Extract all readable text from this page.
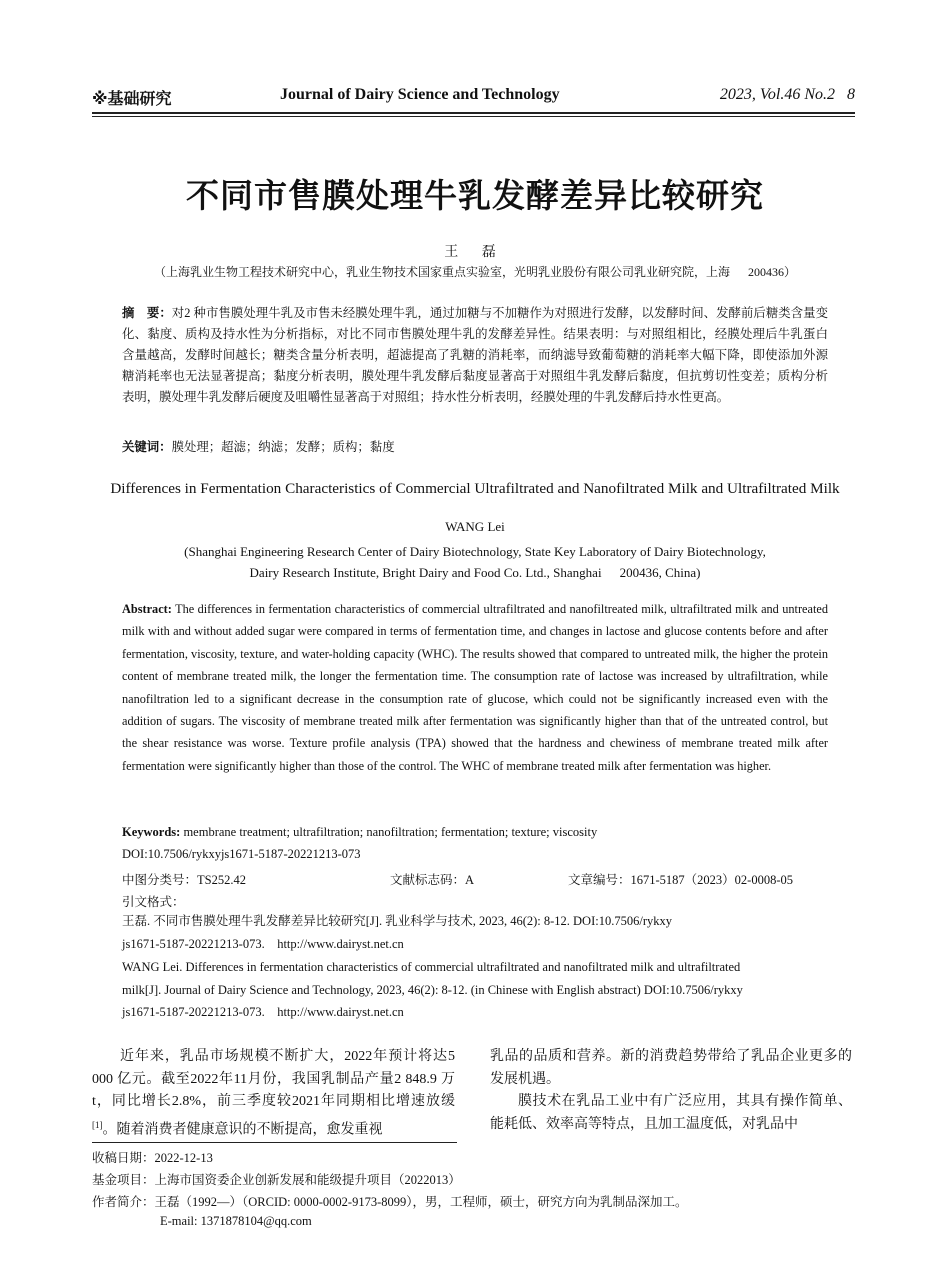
※基础研究	Journal of Dairy Science and Technology	2023, Vol.46 No.2 8
不同市售膜处理牛乳发酵差异比较研究
王 磊
（上海乳业生物工程技术研究中心，乳业生物技术国家重点实验室，光明乳业股份有限公司乳业研究院，上海 200436）
摘　要：对2 种市售膜处理牛乳及市售未经膜处理牛乳，通过加糖与不加糖作为对照进行发酵，以发酵时间、发酵前后糖类含量变化、黏度、质构及持水性为分析指标，对比不同市售膜处理牛乳的发酵差异性。结果表明：与对照组相比，经膜处理后牛乳蛋白含量越高，发酵时间越长；糖类含量分析表明，超滤提高了乳糖的消耗率，而纳滤导致葡萄糖的消耗率大幅下降，即使添加外源糖消耗率也无法显著提高；黏度分析表明，膜处理牛乳发酵后黏度显著高于对照组牛乳发酵后黏度，但抗剪切性变差；质构分析表明，膜处理牛乳发酵后硬度及咀嚼性显著高于对照组；持水性分析表明，经膜处理的牛乳发酵后持水性更高。
关键词：膜处理；超滤；纳滤；发酵；质构；黏度
Differences in Fermentation Characteristics of Commercial Ultrafiltrated and Nanofiltrated Milk and Ultrafiltrated Milk
WANG Lei
(Shanghai Engineering Research Center of Dairy Biotechnology, State Key Laboratory of Dairy Biotechnology,
Dairy Research Institute, Bright Dairy and Food Co. Ltd., Shanghai 200436, China)
Abstract: The differences in fermentation characteristics of commercial ultrafiltrated and nanofiltreated milk, ultrafiltrated milk and untreated milk with and without added sugar were compared in terms of fermentation time, and changes in lactose and glucose contents before and after fermentation, viscosity, texture, and water-holding capacity (WHC). The results showed that compared to untreated milk, the higher the protein content of membrane treated milk, the longer the fermentation time. The consumption rate of lactose was increased by ultrafiltration, while nanofiltration led to a significant decrease in the consumption rate of glucose, which could not be significantly increased even with the addition of sugars. The viscosity of membrane treated milk after fermentation was significantly higher than that of the untreated control, but the shear resistance was worse. Texture profile analysis (TPA) showed that the hardness and chewiness of membrane treated milk after fermentation were significantly higher than those of the control. The WHC of membrane treated milk after fermentation was higher.
Keywords: membrane treatment; ultrafiltration; nanofiltration; fermentation; texture; viscosity
DOI:10.7506/rykxyjs1671-5187-20221213-073
中图分类号：TS252.42	文献标志码：A	文章编号：1671-5187（2023）02-0008-05
引文格式：
王磊. 不同市售膜处理牛乳发酵差异比较研究[J]. 乳业科学与技术, 2023, 46(2): 8-12. DOI:10.7506/rykxy
js1671-5187-20221213-073.　http://www.dairyst.net.cn
WANG Lei. Differences in fermentation characteristics of commercial ultrafiltrated and nanofiltrated milk and ultrafiltrated
milk[J]. Journal of Dairy Science and Technology, 2023, 46(2): 8-12. (in Chinese with English abstract) DOI:10.7506/rykxy
js1671-5187-20221213-073.　http://www.dairyst.net.cn
近年来，乳品市场规模不断扩大，2022年预计将达5 000 亿元。截至2022年11月份，我国乳制品产量2 848.9 万t，同比增长2.8%，前三季度较2021年同期相比增速放缓[1]。随着消费者健康意识的不断提高，愈发重视
乳品的品质和营养。新的消费趋势带给了乳品企业更多的发展机遇。
膜技术在乳品工业中有广泛应用，其具有操作简单、能耗低、效率高等特点，且加工温度低，对乳品中
收稿日期：2022-12-13
基金项目：上海市国资委企业创新发展和能级提升项目（2022013）
作者简介：王磊（1992—）（ORCID: 0000-0002-9173-8099），男，工程师，硕士，研究方向为乳制品深加工。
E-mail: 1371878104@qq.com
